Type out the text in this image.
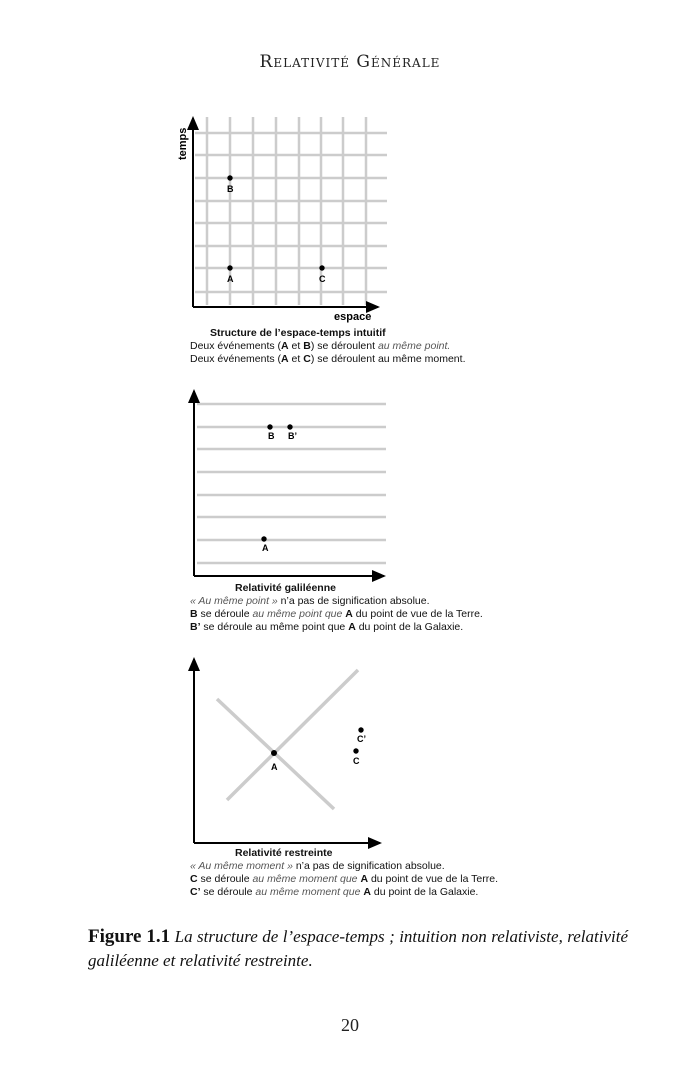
Relativité Générale
temps
espace
B
A	C
B B’
A
A
C’
C
Structure de l’espace-temps intuitif
Deux événements (A et B) se déroulent au même point.
Deux événements (A et C) se déroulent au même moment.
Relativité galiléenne
« Au même point » n’a pas de signification absolue.
B se déroule au même point que A du point de vue de la Terre.
B’ se déroule au même point que A du point de la Galaxie.
Relativité restreinte
« Au même moment » n’a pas de signification absolue.
C se déroule au même moment que A du point de vue de la Terre.
C’ se déroule au même moment que A du point de la Galaxie.
Figure 1.1 La structure de l’espace-temps ; intuition non relativiste, relativité galiléenne et relativité restreinte.
20
